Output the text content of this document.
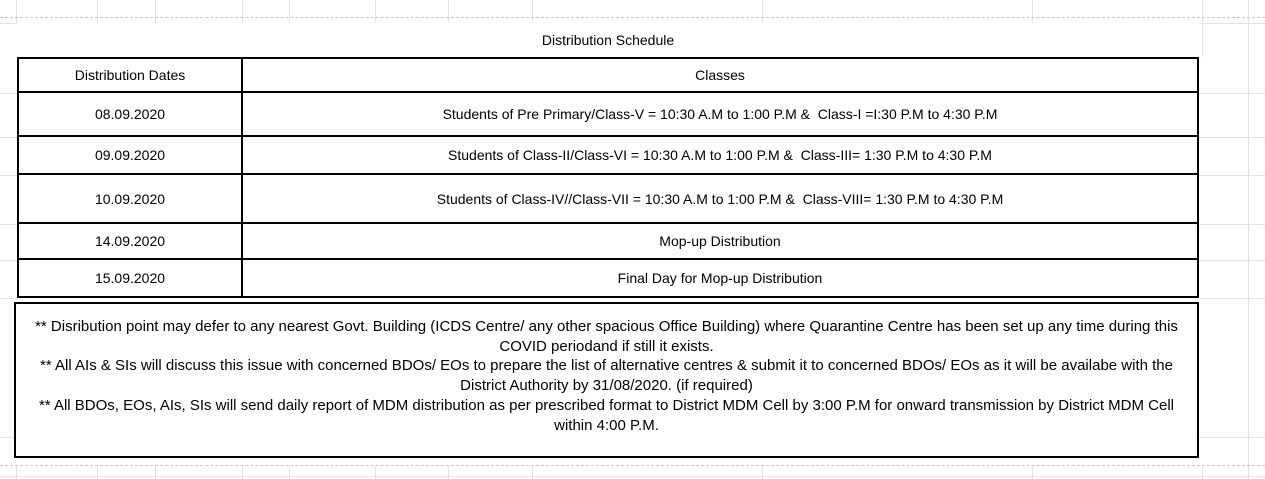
Distribution Schedule
Distribution Dates	Classes
08.09.2020	Students of Pre Primary/Class-V = 10:30 A.M to 1:00 P.M &  Class-I =I:30 P.M to 4:30 P.M
09.09.2020	Students of Class-II/Class-VI = 10:30 A.M to 1:00 P.M &  Class-III= 1:30 P.M to 4:30 P.M
10.09.2020	Students of Class-IV//Class-VII = 10:30 A.M to 1:00 P.M &  Class-VIII= 1:30 P.M to 4:30 P.M
14.09.2020	Mop-up Distribution
15.09.2020	Final Day for Mop-up Distribution

** Disribution point may defer to any nearest Govt. Building (ICDS Centre/ any other spacious Office Building) where Quarantine Centre has been set up any time during this COVID periodand if still it exists.

** All AIs & SIs will discuss this issue with concerned BDOs/ EOs to prepare the list of alternative centres & submit it to concerned BDOs/ EOs as it will be availabe with the District Authority by 31/08/2020. (if required)

** All BDOs, EOs, AIs, SIs will send daily report of MDM distribution as per prescribed format to District MDM Cell by 3:00 P.M for onward transmission by District MDM Cell within 4:00 P.M.
